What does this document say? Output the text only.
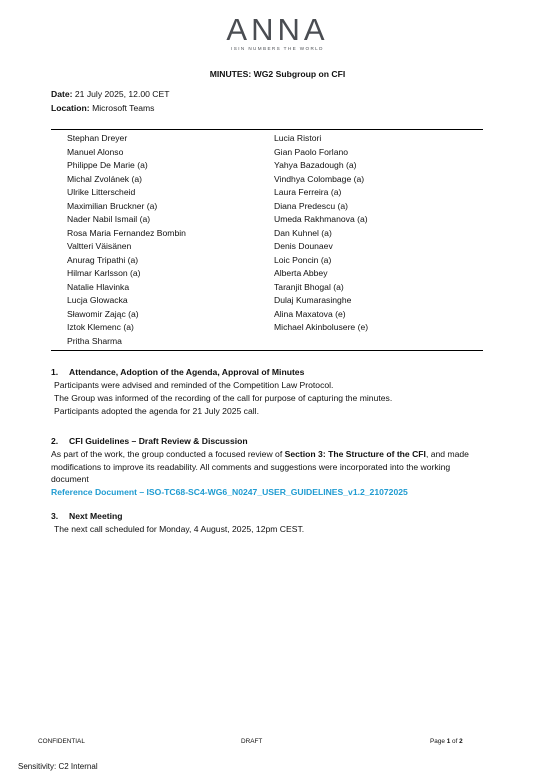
ANNA
ISIN NUMBERS THE WORLD
MINUTES: WG2 Subgroup on CFI
Date: 21 July 2025, 12.00 CET
Location: Microsoft Teams
Stephan Dreyer
Manuel Alonso
Philippe De Marie (a)
Michal Zvolánek (a)
Ulrike Litterscheid
Maximilian Bruckner (a)
Nader Nabil Ismail (a)
Rosa Maria Fernandez Bombin
Valtteri Väisänen
Anurag Tripathi (a)
Hilmar Karlsson (a)
Natalie Hlavinka
Lucja Glowacka
Sławomir Zając (a)
Iztok Klemenc (a)
Pritha Sharma
Lucia Ristori
Gian Paolo Forlano
Yahya Bazadough (a)
Vindhya Colombage (a)
Laura Ferreira (a)
Diana Predescu (a)
Umeda Rakhmanova (a)
Dan Kuhnel (a)
Denis Dounaev
Loic Poncin (a)
Alberta Abbey
Taranjit Bhogal (a)
Dulaj Kumarasinghe
Alina Maxatova (e)
Michael Akinbolusere (e)
1. Attendance, Adoption of the Agenda, Approval of Minutes
Participants were advised and reminded of the Competition Law Protocol.
The Group was informed of the recording of the call for purpose of capturing the minutes.
Participants adopted the agenda for 21 July 2025 call.
2. CFI Guidelines – Draft Review & Discussion
As part of the work, the group conducted a focused review of Section 3: The Structure of the CFI, and made
modifications to improve its readability. All comments and suggestions were incorporated into the working
document
Reference Document – ISO-TC68-SC4-WG6_N0247_USER_GUIDELINES_v1.2_21072025
3. Next Meeting
The next call scheduled for Monday, 4 August, 2025, 12pm CEST.
CONFIDENTIAL	DRAFT	Page 1 of 2
Sensitivity: C2 Internal
